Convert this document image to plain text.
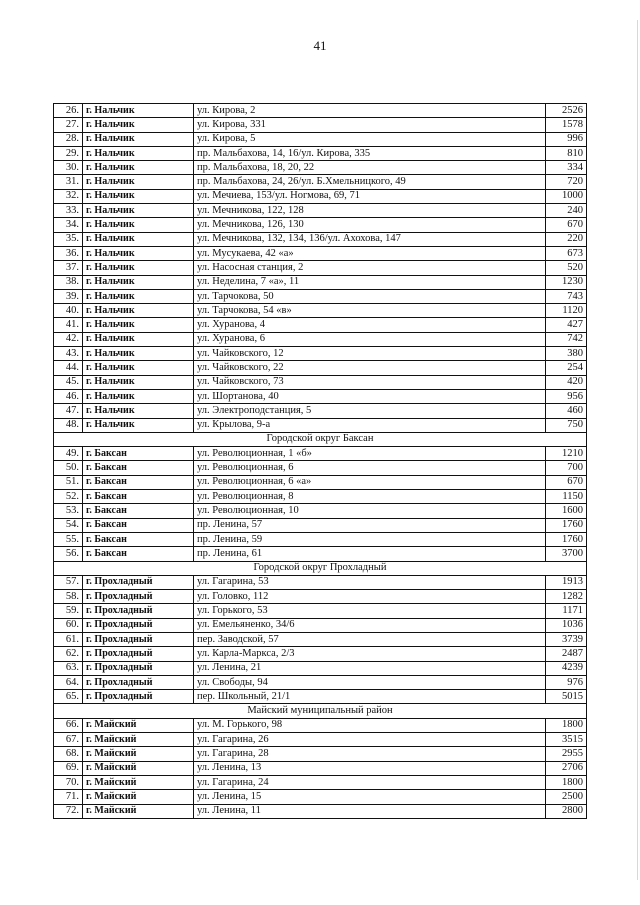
41
26.	г. Нальчик	ул. Кирова, 2	2526
27.	г. Нальчик	ул. Кирова, 331	1578
28.	г. Нальчик	ул. Кирова, 5	996
29.	г. Нальчик	пр. Мальбахова, 14, 16/ул. Кирова, 335	810
30.	г. Нальчик	пр. Мальбахова, 18, 20, 22	334
31.	г. Нальчик	пр. Мальбахова, 24, 26/ул. Б.Хмельницкого, 49	720
32.	г. Нальчик	ул. Мечиева, 153/ул. Ногмова, 69, 71	1000
33.	г. Нальчик	ул. Мечникова, 122, 128	240
34.	г. Нальчик	ул. Мечникова, 126, 130	670
35.	г. Нальчик	ул. Мечникова, 132, 134, 136/ул. Ахохова, 147	220
36.	г. Нальчик	ул. Мусукаева, 42 «а»	673
37.	г. Нальчик	ул. Насосная станция, 2	520
38.	г. Нальчик	ул. Неделина, 7 «а», 11	1230
39.	г. Нальчик	ул. Тарчокова, 50	743
40.	г. Нальчик	ул. Тарчокова, 54 «в»	1120
41.	г. Нальчик	ул. Хуранова, 4	427
42.	г. Нальчик	ул. Хуранова, 6	742
43.	г. Нальчик	ул. Чайковского, 12	380
44.	г. Нальчик	ул. Чайковского, 22	254
45.	г. Нальчик	ул. Чайковского, 73	420
46.	г. Нальчик	ул. Шортанова, 40	956
47.	г. Нальчик	ул. Электроподстанция, 5	460
48.	г. Нальчик	ул. Крылова, 9-а	750
Городской округ Баксан			
49.	г. Баксан	ул. Революционная, 1 «б»	1210
50.	г. Баксан	ул. Революционная, 6	700
51.	г. Баксан	ул. Революционная, 6 «а»	670
52.	г. Баксан	ул. Революционная, 8	1150
53.	г. Баксан	ул. Революционная, 10	1600
54.	г. Баксан	пр. Ленина, 57	1760
55.	г. Баксан	пр. Ленина, 59	1760
56.	г. Баксан	пр. Ленина, 61	3700
Городской округ Прохладный			
57.	г. Прохладный	ул. Гагарина, 53	1913
58.	г. Прохладный	ул. Головко, 112	1282
59.	г. Прохладный	ул. Горького, 53	1171
60.	г. Прохладный	ул. Емельяненко, 34/6	1036
61.	г. Прохладный	пер. Заводской, 57	3739
62.	г. Прохладный	ул. Карла-Маркса, 2/3	2487
63.	г. Прохладный	ул. Ленина, 21	4239
64.	г. Прохладный	ул. Свободы, 94	976
65.	г. Прохладный	пер. Школьный, 21/1	5015
Майский муниципальный район			
66.	г. Майский	ул. М. Горького, 98	1800
67.	г. Майский	ул. Гагарина, 26	3515
68.	г. Майский	ул. Гагарина, 28	2955
69.	г. Майский	ул. Ленина, 13	2706
70.	г. Майский	ул. Гагарина, 24	1800
71.	г. Майский	ул. Ленина, 15	2500
72.	г. Майский	ул. Ленина, 11	2800
